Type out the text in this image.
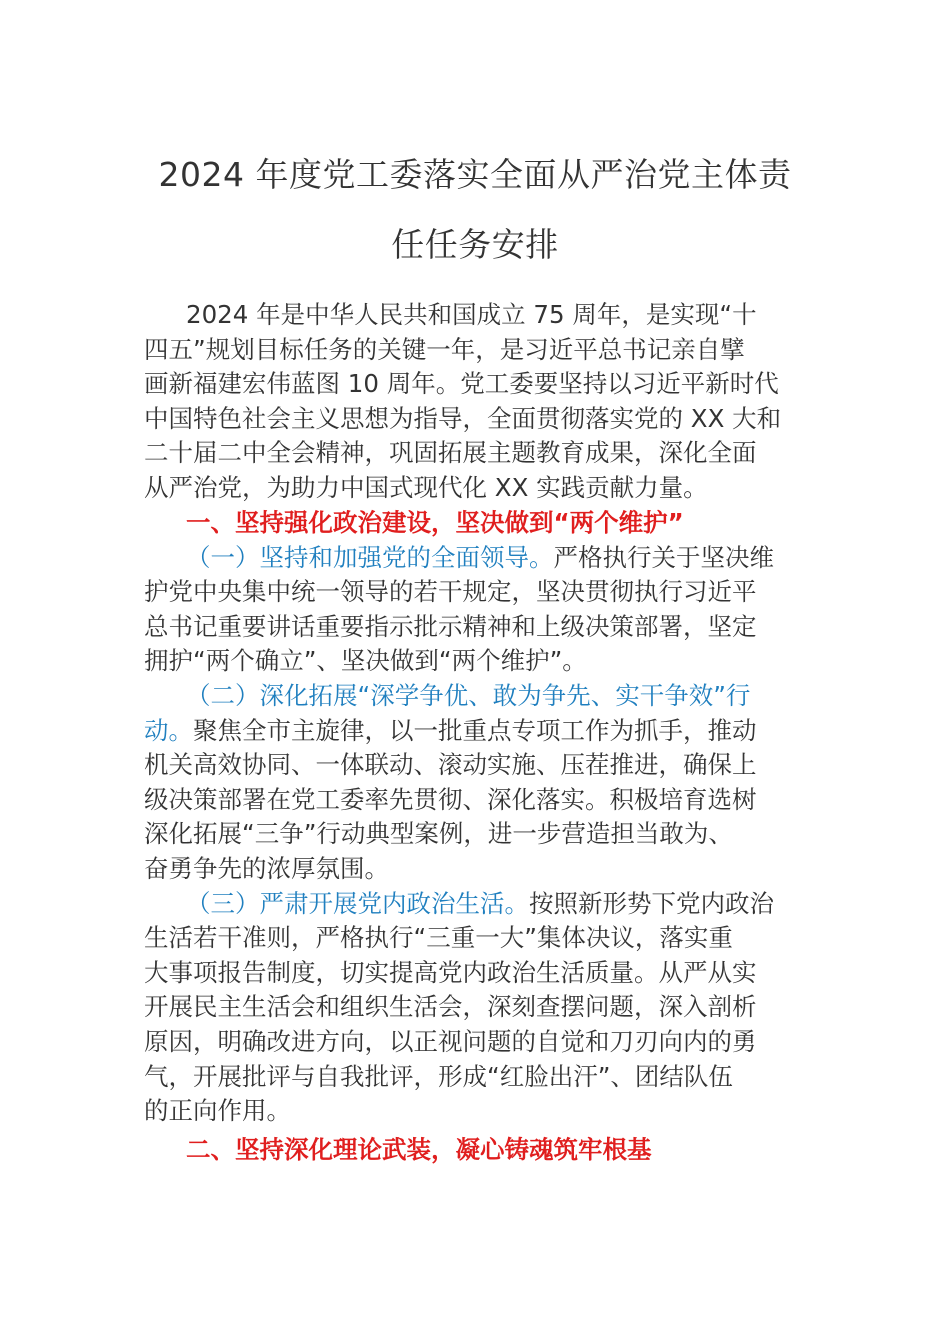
2024 年度党工委落实全面从严治党主体责
任任务安排

2024 年是中华人民共和国成立 75 周年，是实现“十

四五”规划目标任务的关键一年，是习近平总书记亲自擘

画新福建宏伟蓝图 10 周年。党工委要坚持以习近平新时代

中国特色社会主义思想为指导，全面贯彻落实党的 XX 大和

二十届二中全会精神，巩固拓展主题教育成果，深化全面

从严治党，为助力中国式现代化 XX 实践贡献力量。

一、坚持强化政治建设，坚决做到“两个维护”

（一）坚持和加强党的全面领导。严格执行关于坚决维

护党中央集中统一领导的若干规定，坚决贯彻执行习近平

总书记重要讲话重要指示批示精神和上级决策部署，坚定

拥护“两个确立”、坚决做到“两个维护”。

（二）深化拓展“深学争优、敢为争先、实干争效”行

动。聚焦全市主旋律，以一批重点专项工作为抓手，推动

机关高效协同、一体联动、滚动实施、压茬推进，确保上

级决策部署在党工委率先贯彻、深化落实。积极培育选树

深化拓展“三争”行动典型案例，进一步营造担当敢为、

奋勇争先的浓厚氛围。

（三）严肃开展党内政治生活。按照新形势下党内政治

生活若干准则，严格执行“三重一大”集体决议，落实重

大事项报告制度，切实提高党内政治生活质量。从严从实

开展民主生活会和组织生活会，深刻查摆问题，深入剖析

原因，明确改进方向，以正视问题的自觉和刀刃向内的勇

气，开展批评与自我批评，形成“红脸出汗”、团结队伍

的正向作用。

二、坚持深化理论武装，凝心铸魂筑牢根基
